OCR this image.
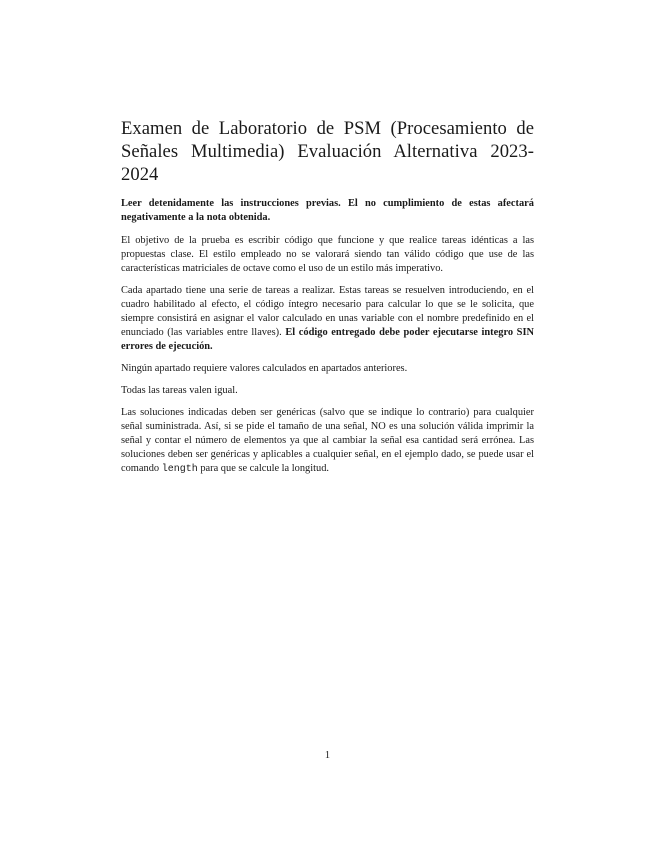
Examen de Laboratorio de PSM (Procesamiento de Señales Multimedia) Evaluación Alternativa 2023-2024

Leer detenidamente las instrucciones previas. El no cumplimiento de estas afectará negativamente a la nota obtenida.

El objetivo de la prueba es escribir código que funcione y que realice tareas idénticas a las propuestas clase. El estilo empleado no se valorará siendo tan válido código que use de las características matriciales de octave como el uso de un estilo más imperativo.

Cada apartado tiene una serie de tareas a realizar. Estas tareas se resuelven introduciendo, en el cuadro habilitado al efecto, el código íntegro necesario para calcular lo que se le solicita, que siempre consistirá en asignar el valor calculado en unas variable con el nombre predefinido en el enunciado (las variables entre llaves). El código entregado debe poder ejecutarse integro SIN errores de ejecución.

Ningún apartado requiere valores calculados en apartados anteriores.

Todas las tareas valen igual.

Las soluciones indicadas deben ser genéricas (salvo que se indique lo contrario) para cualquier señal suministrada. Así, si se pide el tamaño de una señal, NO es una solución válida imprimir la señal y contar el número de elementos ya que al cambiar la señal esa cantidad será errónea. Las soluciones deben ser genéricas y aplicables a cualquier señal, en el ejemplo dado, se puede usar el comando length para que se calcule la longitud.

1
